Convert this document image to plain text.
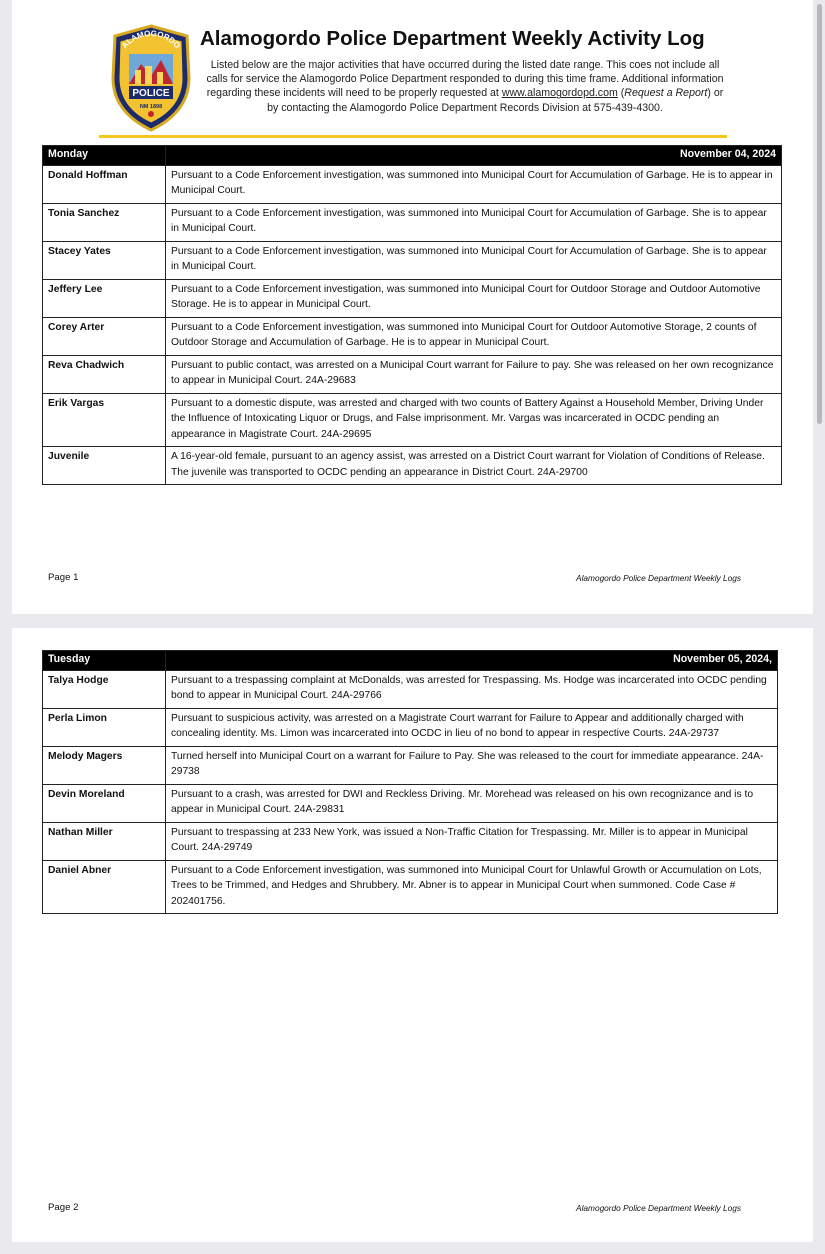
POLICE
ALAMOGORDO
NM 1898
Alamogordo Police Department Weekly Activity Log
Listed below are the major activities that have occurred during the listed date range. This coes not include all calls for service the Alamogordo Police Department responded to during this time frame. Additional information regarding these incidents will need to be properly requested at www.alamogordopd.com (Request a Report) or by contacting the Alamogordo Police Department Records Division at 575-439-4300.
Monday	November 04, 2024
Donald Hoffman	Pursuant to a Code Enforcement investigation, was summoned into Municipal Court for Accumulation of Garbage. He is to appear in Municipal Court.
Tonia Sanchez	Pursuant to a Code Enforcement investigation, was summoned into Municipal Court for Accumulation of Garbage. She is to appear in Municipal Court.
Stacey Yates	Pursuant to a Code Enforcement investigation, was summoned into Municipal Court for Accumulation of Garbage. She is to appear in Municipal Court.
Jeffery Lee	Pursuant to a Code Enforcement investigation, was summoned into Municipal Court for Outdoor Storage and Outdoor Automotive Storage. He is to appear in Municipal Court.
Corey Arter	Pursuant to a Code Enforcement investigation, was summoned into Municipal Court for Outdoor Automotive Storage, 2 counts of Outdoor Storage and Accumulation of Garbage. He is to appear in Municipal Court.
Reva Chadwich	Pursuant to public contact, was arrested on a Municipal Court warrant for Failure to pay. She was released on her own recognizance to appear in Municipal Court. 24A-29683
Erik Vargas	Pursuant to a domestic dispute, was arrested and charged with two counts of Battery Against a Household Member, Driving Under the Influence of Intoxicating Liquor or Drugs, and False imprisonment. Mr. Vargas was incarcerated in OCDC pending an appearance in Magistrate Court. 24A-29695
Juvenile	A 16-year-old female, pursuant to an agency assist, was arrested on a District Court warrant for Violation of Conditions of Release. The juvenile was transported to OCDC pending an appearance in District Court. 24A-29700
Page 1	Alamogordo Police Department Weekly Logs
Tuesday	November 05, 2024,
Talya Hodge	Pursuant to a trespassing complaint at McDonalds, was arrested for Trespassing. Ms. Hodge was incarcerated into OCDC pending bond to appear in Municipal Court. 24A-29766
Perla Limon	Pursuant to suspicious activity, was arrested on a Magistrate Court warrant for Failure to Appear and additionally charged with concealing identity. Ms. Limon was incarcerated into OCDC in lieu of no bond to appear in respective Courts. 24A-29737
Melody Magers	Turned herself into Municipal Court on a warrant for Failure to Pay. She was released to the court for immediate appearance. 24A-29738
Devin Moreland	Pursuant to a crash, was arrested for DWI and Reckless Driving. Mr. Morehead was released on his own recognizance and is to appear in Municipal Court. 24A-29831
Nathan Miller	Pursuant to trespassing at 233 New York, was issued a Non-Traffic Citation for Trespassing. Mr. Miller is to appear in Municipal Court. 24A-29749
Daniel Abner	Pursuant to a Code Enforcement investigation, was summoned into Municipal Court for Unlawful Growth or Accumulation on Lots, Trees to be Trimmed, and Hedges and Shrubbery. Mr. Abner is to appear in Municipal Court when summoned. Code Case # 202401756.
Page 2	Alamogordo Police Department Weekly Logs
